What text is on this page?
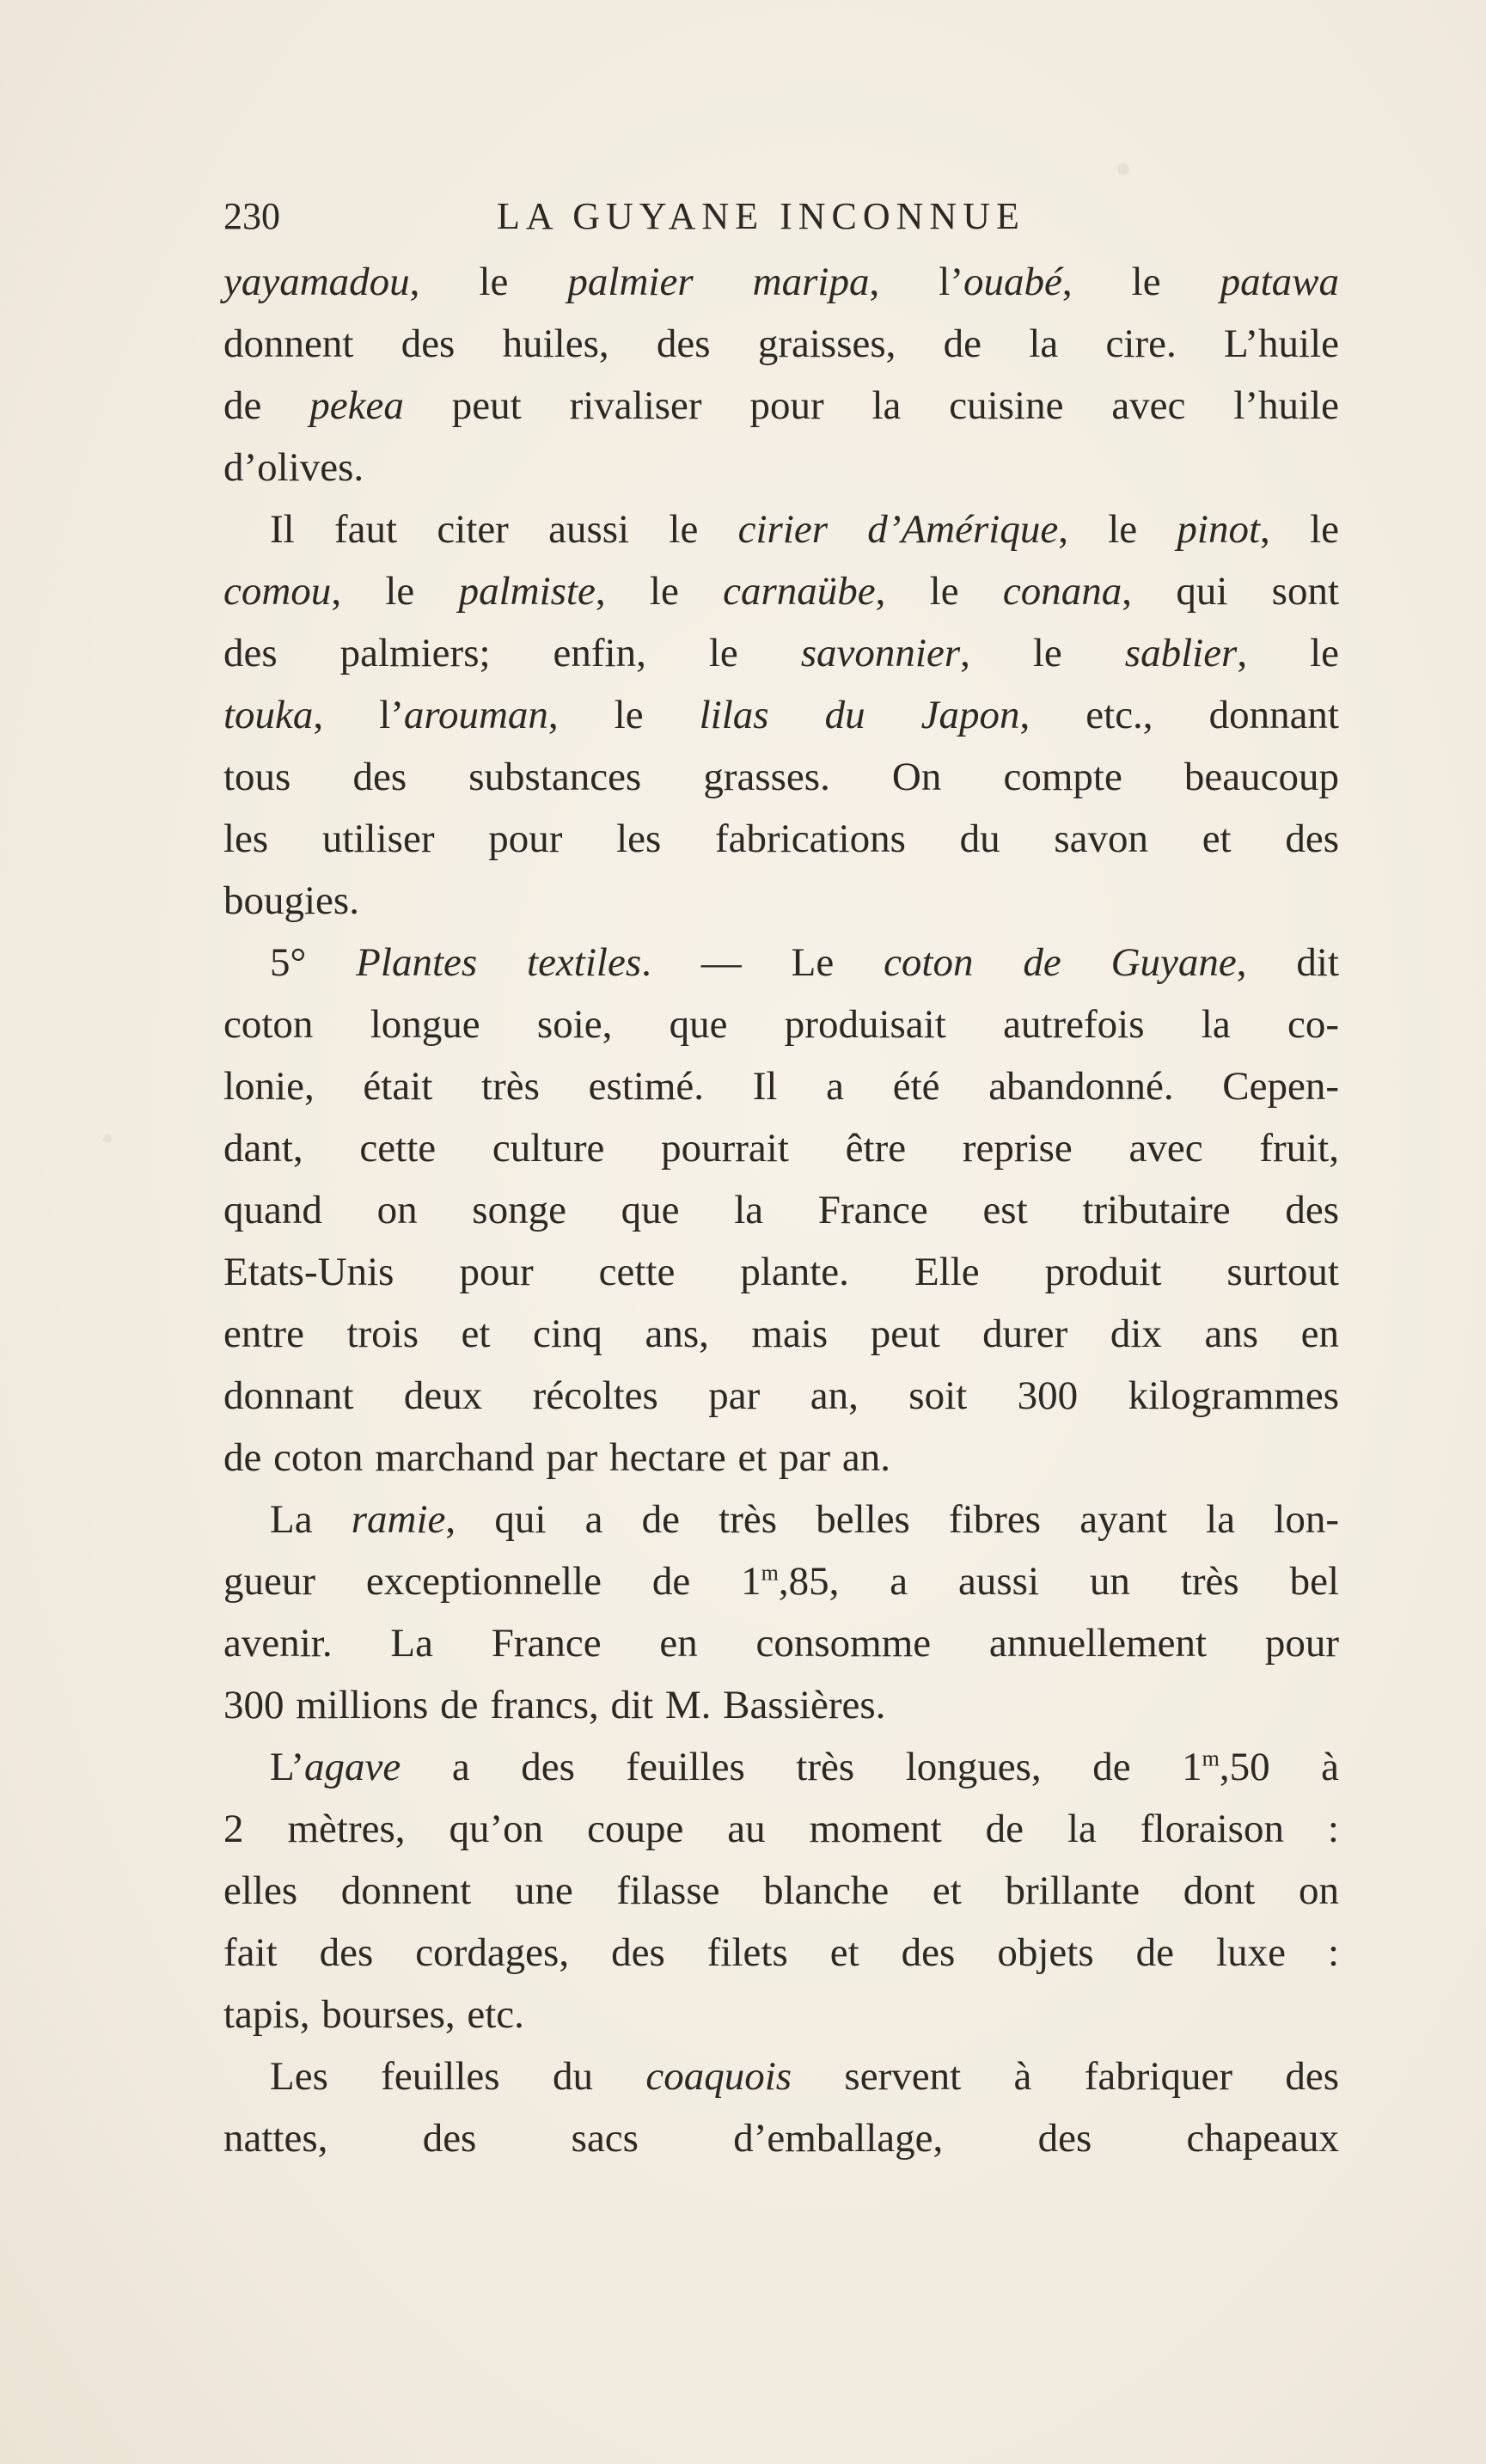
230	LA GUYANE INCONNUE
yayamadou, le palmier maripa, l’ouabé, le patawa
donnent des huiles, des graisses, de la cire. L’huile
de pekea peut rivaliser pour la cuisine avec l’huile
d’olives.
Il faut citer aussi le cirier d’Amérique, le pinot, le
comou, le palmiste, le carnaübe, le conana, qui sont
des palmiers; enfin, le savonnier, le sablier, le
touka, l’arouman, le lilas du Japon, etc., donnant
tous des substances grasses. On compte beaucoup
les utiliser pour les fabrications du savon et des
bougies.
5° Plantes textiles. — Le coton de Guyane, dit
coton longue soie, que produisait autrefois la co-
lonie, était très estimé. Il a été abandonné. Cepen-
dant, cette culture pourrait être reprise avec fruit,
quand on songe que la France est tributaire des
Etats-Unis pour cette plante. Elle produit surtout
entre trois et cinq ans, mais peut durer dix ans en
donnant deux récoltes par an, soit 300 kilogrammes
de coton marchand par hectare et par an.
La ramie, qui a de très belles fibres ayant la lon-
gueur exceptionnelle de 1$^m$,85, a aussi un très bel
avenir. La France en consomme annuellement pour
300 millions de francs, dit M. Bassières.
L’agave a des feuilles très longues, de 1$^m$,50 à
2 mètres, qu’on coupe au moment de la floraison :
elles donnent une filasse blanche et brillante dont on
fait des cordages, des filets et des objets de luxe :
tapis, bourses, etc.
Les feuilles du coaquois servent à fabriquer des
nattes, des sacs d’emballage, des chapeaux
